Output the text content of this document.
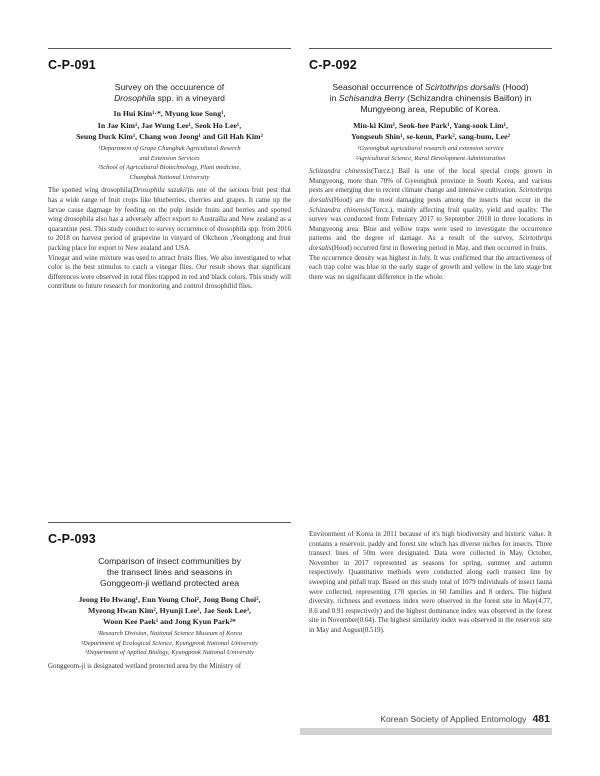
C-P-091
Survey on the occuurence of
Drosophila spp. in a vineyard
In Hui Kim¹·*, Myung kue Song¹,
In Jae Kim¹, Jae Wung Lee¹, Seok Ho Lee¹,
Seung Duck Kim¹, Chang won Jeong¹ and Gil Hah Kim²
¹Department of Grape Chungbuk Agricultural Reserch
and Extension Services
²School of Agricultural Biotechnology, Plant medicine,
Chungbuk National University

The spotted wing drosophila(Drosophila suzukii)is one of the serious fruit pest that has a wide range of fruit crops like blueberries, cherries and grapes. It came up the larvae cause dagmage by feeding on the pulp inside fruits and berries and spotted wing drosophila also has a adversely affect export to Austrailia and New zealand as a quarantine pest. This study conduct to survey occurrence of drosophila spp. from 2016 to 2018 on harvest period of grapevine in vinyard of Okcheon ,Yeongdong and fruit packing place for export to New zealand and USA.

Vinegar and wine mixture was used to attract fruits flies. We also investigated to what color is the best stimulus to catch a vinegar flies. Our result shows that significant differences were observed in total flies trapped in red and black colors. This study will contribute to future research for monitoring and control drosophilid flies.

C-P-092
Seasonal occurrence of Scirtothrips dorsalis (Hood)
in Schisandra Berry (Schizandra chinensis Baillon) in
Mungyeong area, Republic of Korea.
Min-ki Kim¹, Seok-hee Park¹, Yang-sook Lim¹,
Yongseub Shin¹, se-keun, Park², sang-bum, Lee²
¹Gyeongbuk agricultural research and extension service
²Agricultural Science, Rural Development Administration

Schizandra chinensis(Turcz.) Bail is one of the local special crops grown in Mungyeong, more than 70% of Gyeongbuk province in South Korea, and various pests are emerging due to recent climate change and intensive cultivation. Scirtothrips dorsalis(Hood) are the most damaging pests among the insects that occur in the Schizandra chinensis(Turcz.), mainly affecting fruit quality, yield and quality. The survey was conducted from February 2017 to September 2018 in three locations in Mungyeong area. Blue and yellow traps were used to investigate the occurrence patterns and the degree of damage. As a result of the survey, Scirtothrips dorsalis(Hood) occurred first in flowering period in May, and then occurred in fruits.

The occurrence density was highest in July. It was confirmed that the attractiveness of each trap color was blue in the early stage of growth and yellow in the late stage but there was no significant difference in the whole.

C-P-093
Comparison of insect communities by
the transect lines and seasons in
Gonggeom-ji wetland protected area
Jeong Ho Hwang¹, Eun Young Choi², Jong Bong Choi²,
Myeong Hwan Kim², Hyunji Lee², Jae Seok Lee³,
Woon Kee Paek¹ and Jong Kyun Park²*
¹Research Division, National Science Museum of Korea
²Department of Ecological Science, Kyungpook National University
³Department of Applied Biology, Kyungpook National University

Gonggeom-ji is designated wetland protected area by the Ministry of

Environment of Korea in 2011 because of it's high biodiversity and historic value. It contains a reservoir, paddy and forest site which has diverse niches for insects. Three transect lines of 50m were designated. Data were collected in May, October, November in 2017 represented as seasons for spring, summer and autumn respectively. Quantitative methods were conducted along each transect line by sweeping and pitfall trap. Based on this study total of 1079 individuals of insect fauna were collected, representing 170 species in 60 families and 8 orders. The highest diversity, richness and evenness index were observed in the forest site in May(4.77, 8.6 and 0.91 respectively) and the highest dominance index was observed in the forest site in November(0.64). The highest similarity index was observed in the reservoir site in May and August(0.519).

Korean Society of Applied Entomology 481
